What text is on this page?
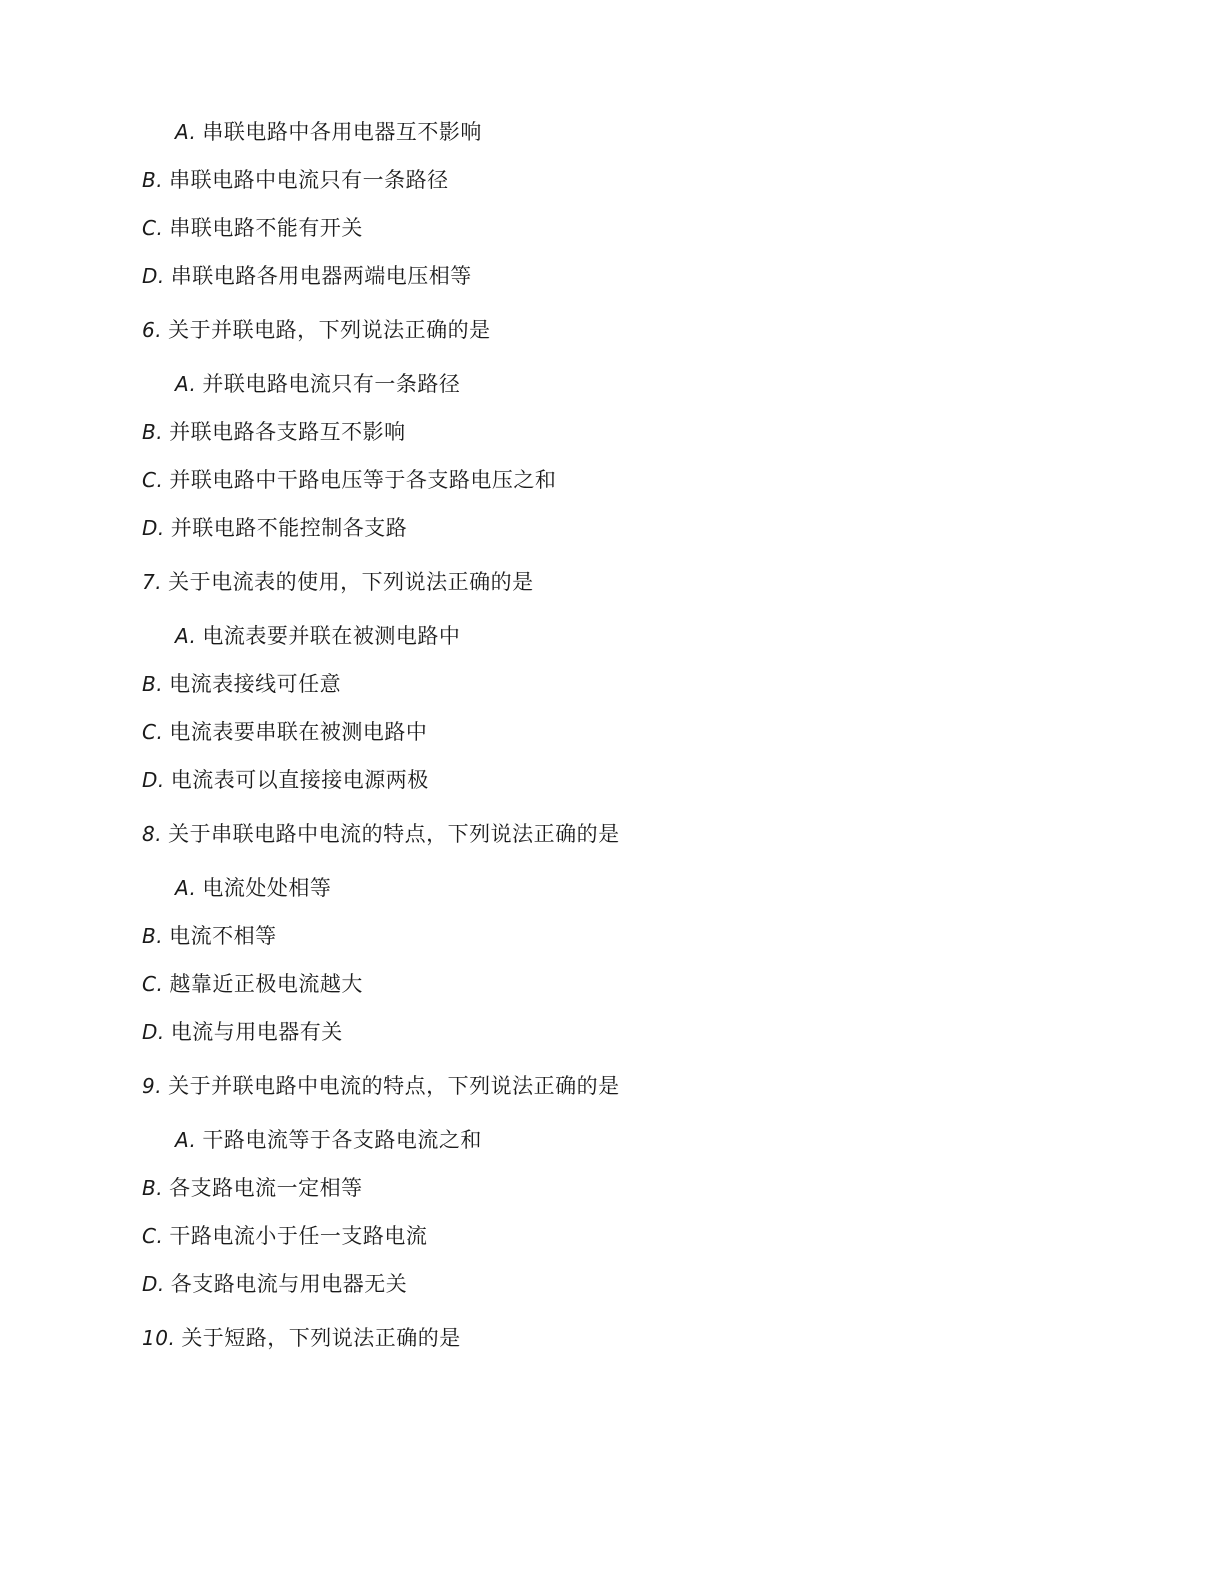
A. 串联电路中各用电器互不影响
B. 串联电路中电流只有一条路径
C. 串联电路不能有开关
D. 串联电路各用电器两端电压相等
6. 关于并联电路，下列说法正确的是
A. 并联电路电流只有一条路径
B. 并联电路各支路互不影响
C. 并联电路中干路电压等于各支路电压之和
D. 并联电路不能控制各支路
7. 关于电流表的使用，下列说法正确的是
A. 电流表要并联在被测电路中
B. 电流表接线可任意
C. 电流表要串联在被测电路中
D. 电流表可以直接接电源两极
8. 关于串联电路中电流的特点，下列说法正确的是
A. 电流处处相等
B. 电流不相等
C. 越靠近正极电流越大
D. 电流与用电器有关
9. 关于并联电路中电流的特点，下列说法正确的是
A. 干路电流等于各支路电流之和
B. 各支路电流一定相等
C. 干路电流小于任一支路电流
D. 各支路电流与用电器无关
10. 关于短路，下列说法正确的是
